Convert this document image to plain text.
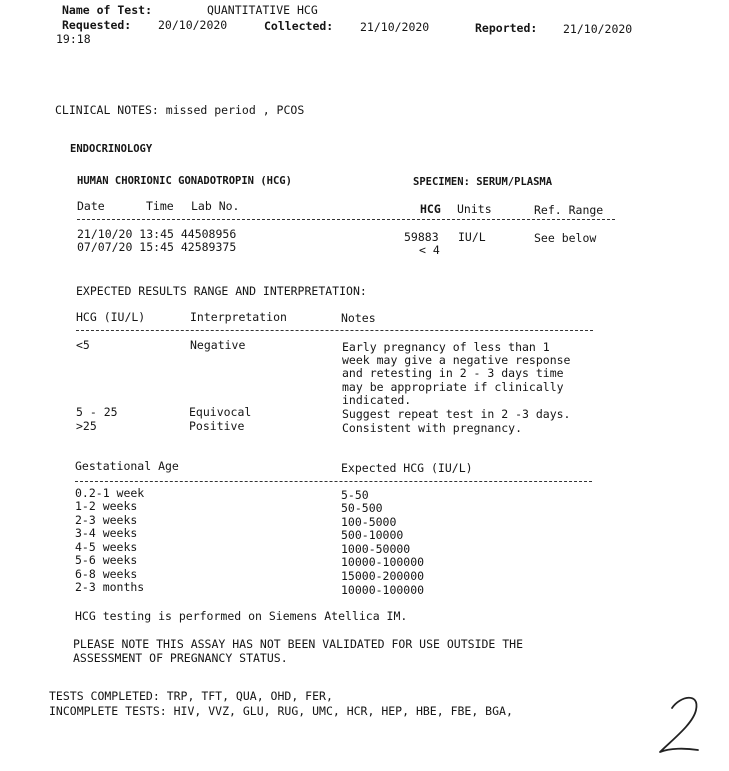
Name of Test:	QUANTITATIVE HCG
Requested: 20/10/2020	Collected: 21/10/2020	Reported: 21/10/2020
19:18
CLINICAL NOTES: missed period , PCOS
ENDOCRINOLOGY
HUMAN CHORIONIC GONADOTROPIN (HCG)	SPECIMEN: SERUM/PLASMA
Date	Time Lab No.	HCG Units	Ref. Range
21/10/20 13:45 44508956	59883 IU/L	See below
07/07/20 15:45 42589375	< 4
EXPECTED RESULTS RANGE AND INTERPRETATION:
HCG (IU/L)	Interpretation	Notes
<5	Negative	Early pregnancy of less than 1
week may give a negative response
and retesting in 2 - 3 days time
may be appropriate if clinically
indicated.
5 - 25	Equivocal	Suggest repeat test in 2 -3 days.
>25	Positive	Consistent with pregnancy.
Gestational Age	Expected HCG (IU/L)
0.2-1 week	5-50
1-2 weeks	50-500
2-3 weeks	100-5000
3-4 weeks	500-10000
4-5 weeks	1000-50000
5-6 weeks	10000-100000
6-8 weeks	15000-200000
2-3 months	10000-100000
HCG testing is performed on Siemens Atellica IM.
PLEASE NOTE THIS ASSAY HAS NOT BEEN VALIDATED FOR USE OUTSIDE THE
ASSESSMENT OF PREGNANCY STATUS.
TESTS COMPLETED: TRP, TFT, QUA, OHD, FER,
INCOMPLETE TESTS: HIV, VVZ, GLU, RUG, UMC, HCR, HEP, HBE, FBE, BGA,
